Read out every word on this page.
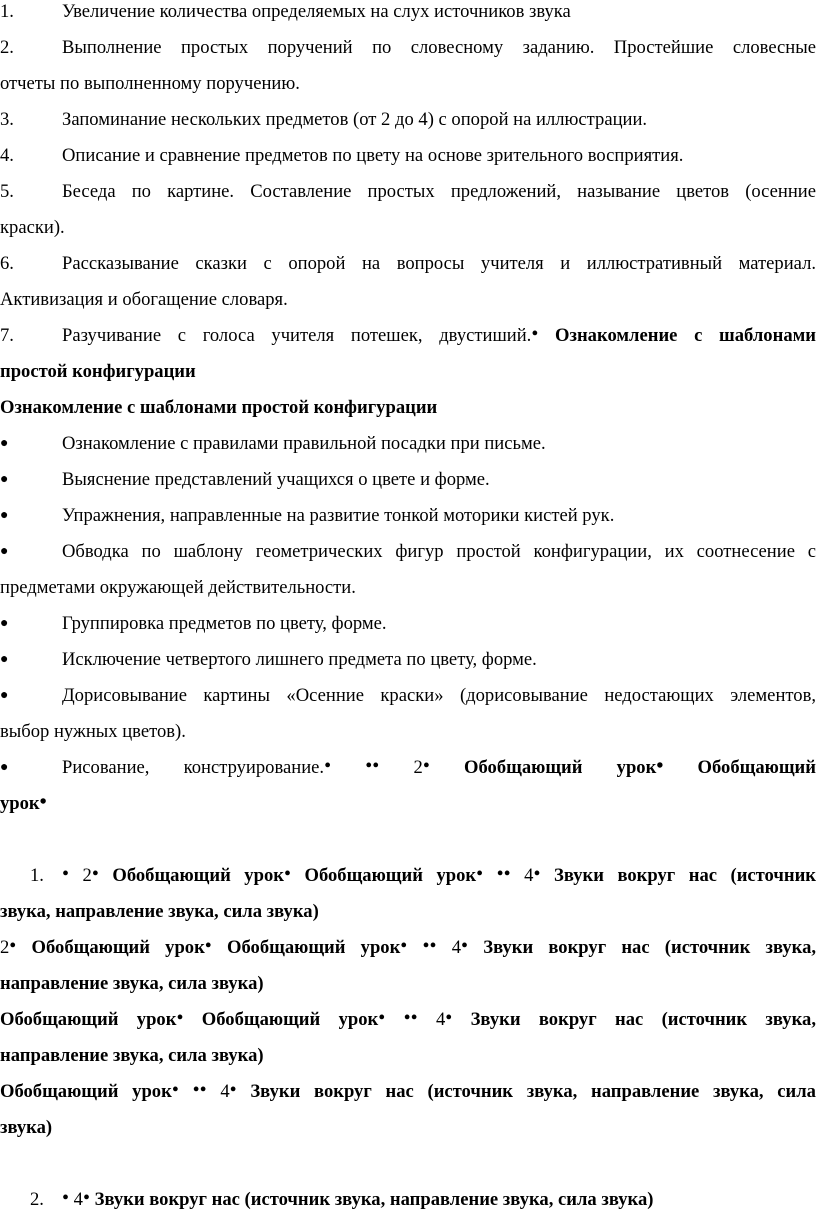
1.	Увеличение количества определяемых на слух источников звука
2.	Выполнение простых поручений по словесному заданию. Простейшие словесные
отчеты по выполненному поручению.
3.	Запоминание нескольких предметов (от 2 до 4) с опорой на иллюстрации.
4.	Описание и сравнение предметов по цвету на основе зрительного восприятия.
5.	Беседа по картине. Составление простых предложений, называние цветов (осенние
краски).
6.	Рассказывание сказки с опорой на вопросы учителя и иллюстративный материал.
Активизация и обогащение словаря.
7.	Разучивание с голоса учителя потешек, двустиший.• Ознакомление с шаблонами
простой конфигурации
Ознакомление с шаблонами простой конфигурации
●	Ознакомление с правилами правильной посадки при письме.
●	Выяснение представлений учащихся о цвете и форме.
●	Упражнения, направленные на развитие тонкой моторики кистей рук.
●	Обводка по шаблону геометрических фигур простой конфигурации, их соотнесение с
предметами окружающей действительности.
●	Группировка предметов по цвету, форме.
●	Исключение четвертого лишнего предмета по цвету, форме.
●	Дорисовывание картины «Осенние краски» (дорисовывание недостающих элементов,
выбор нужных цветов).
●	Рисование, конструирование.• •• 2• Обобщающий урок• Обобщающий
урок•
1. • 2• Обобщающий урок• Обобщающий урок• •• 4• Звуки вокруг нас (источник
звука, направление звука, сила звука)
2• Обобщающий урок• Обобщающий урок• •• 4• Звуки вокруг нас (источник звука,
направление звука, сила звука)
Обобщающий урок• Обобщающий урок• •• 4• Звуки вокруг нас (источник звука,
направление звука, сила звука)
Обобщающий урок• •• 4• Звуки вокруг нас (источник звука, направление звука, сила
звука)
2. • 4• Звуки вокруг нас (источник звука, направление звука, сила звука)
